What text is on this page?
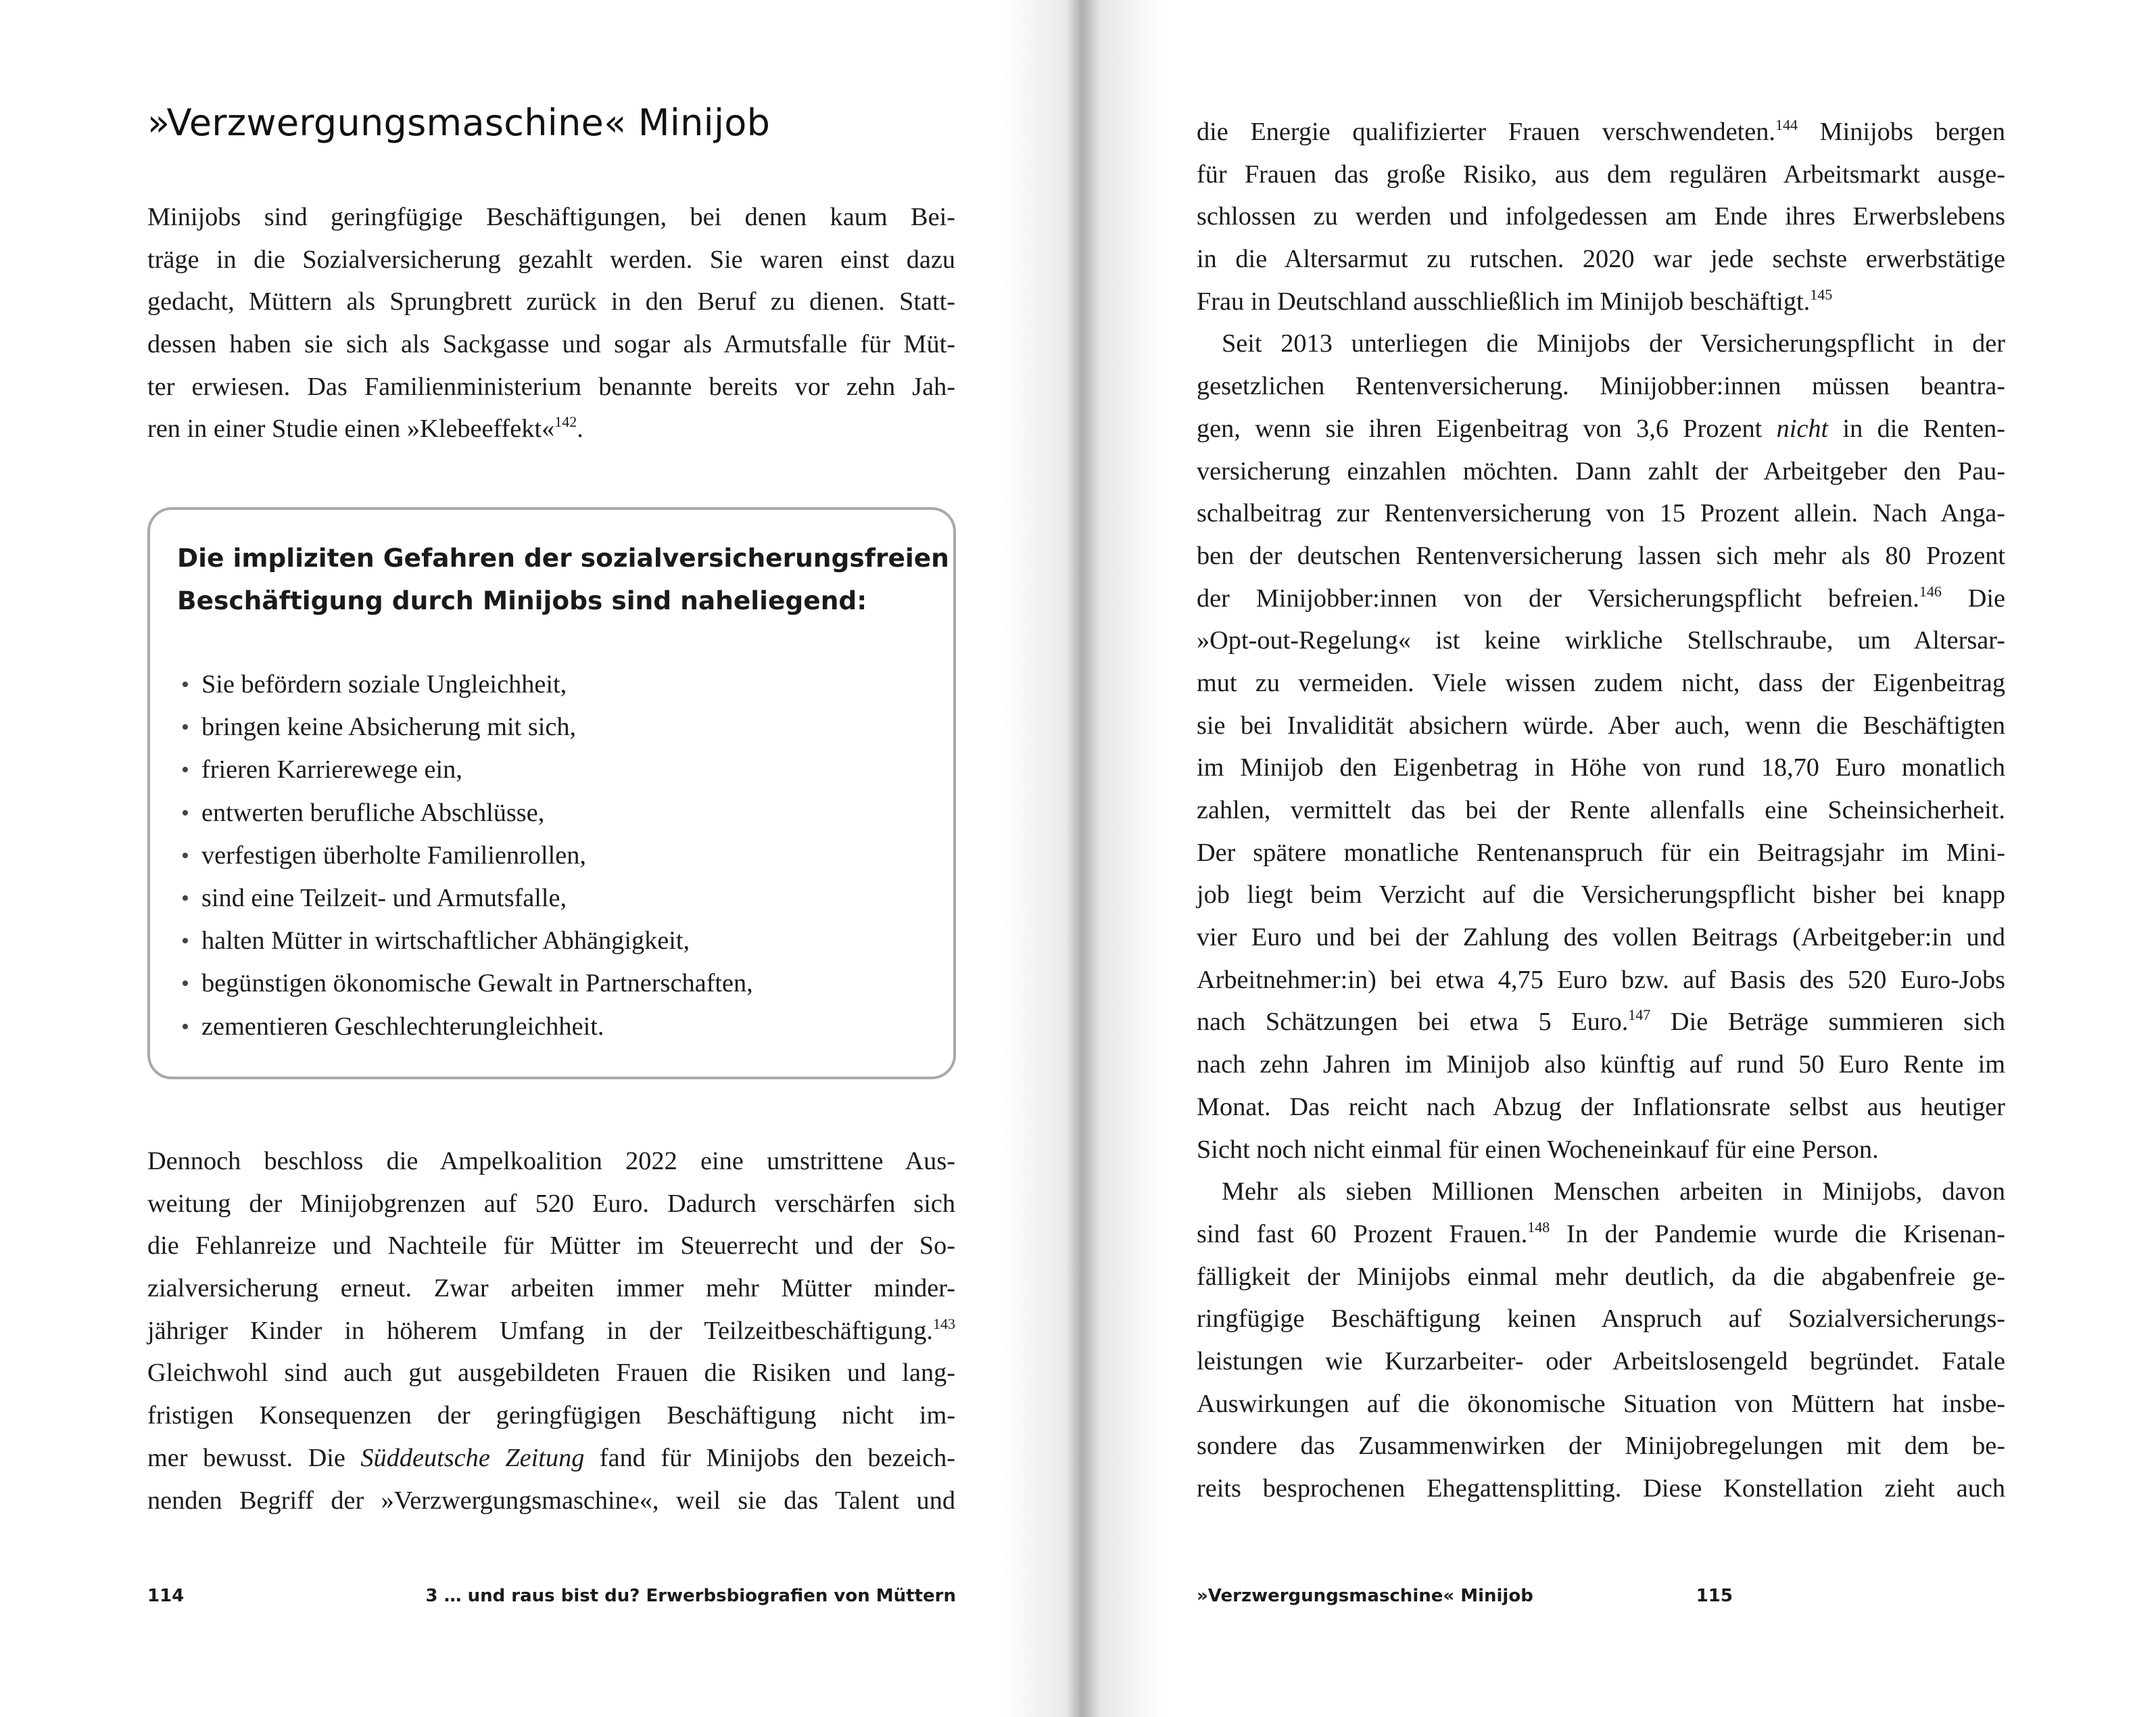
»Verzwergungsmaschine« Minijob
Minijobs sind geringfügige Beschäftigungen, bei denen kaum Bei-
träge in die Sozialversicherung gezahlt werden. Sie waren einst dazu
gedacht, Müttern als Sprungbrett zurück in den Beruf zu dienen. Statt-
dessen haben sie sich als Sackgasse und sogar als Armutsfalle für Müt-
ter erwiesen. Das Familienministerium benannte bereits vor zehn Jah-
ren in einer Studie einen »Klebeeffekt«$^{142}$.
Die impliziten Gefahren der sozialversicherungsfreien
Beschäftigung durch Minijobs sind naheliegend:
• Sie befördern soziale Ungleichheit,
• bringen keine Absicherung mit sich,
• frieren Karrierewege ein,
• entwerten berufliche Abschlüsse,
• verfestigen überholte Familienrollen,
• sind eine Teilzeit- und Armutsfalle,
• halten Mütter in wirtschaftlicher Abhängigkeit,
• begünstigen ökonomische Gewalt in Partnerschaften,
• zementieren Geschlechterungleichheit.
Dennoch beschloss die Ampelkoalition 2022 eine umstrittene Aus-
weitung der Minijobgrenzen auf 520 Euro. Dadurch verschärfen sich
die Fehlanreize und Nachteile für Mütter im Steuerrecht und der So-
zialversicherung erneut. Zwar arbeiten immer mehr Mütter minder-
jähriger Kinder in höherem Umfang in der Teilzeitbeschäftigung.$^{143}$
Gleichwohl sind auch gut ausgebildeten Frauen die Risiken und lang-
fristigen Konsequenzen der geringfügigen Beschäftigung nicht im-
mer bewusst. Die Süddeutsche Zeitung fand für Minijobs den bezeich-
nenden Begriff der »Verzwergungsmaschine«, weil sie das Talent und
114	3 … und raus bist du? Erwerbsbiografien von Müttern
die Energie qualifizierter Frauen verschwendeten.$^{144}$ Minijobs bergen
für Frauen das große Risiko, aus dem regulären Arbeitsmarkt ausge-
schlossen zu werden und infolgedessen am Ende ihres Erwerbslebens
in die Altersarmut zu rutschen. 2020 war jede sechste erwerbstätige
Frau in Deutschland ausschließlich im Minijob beschäftigt.$^{145}$
Seit 2013 unterliegen die Minijobs der Versicherungspflicht in der
gesetzlichen Rentenversicherung. Minijobber:innen müssen beantra-
gen, wenn sie ihren Eigenbeitrag von 3,6 Prozent nicht in die Renten-
versicherung einzahlen möchten. Dann zahlt der Arbeitgeber den Pau-
schalbeitrag zur Rentenversicherung von 15 Prozent allein. Nach Anga-
ben der deutschen Rentenversicherung lassen sich mehr als 80 Prozent
der Minijobber:innen von der Versicherungspflicht befreien.$^{146}$ Die
»Opt-out-Regelung« ist keine wirkliche Stellschraube, um Altersar-
mut zu vermeiden. Viele wissen zudem nicht, dass der Eigenbeitrag
sie bei Invalidität absichern würde. Aber auch, wenn die Beschäftigten
im Minijob den Eigenbetrag in Höhe von rund 18,70 Euro monatlich
zahlen, vermittelt das bei der Rente allenfalls eine Scheinsicherheit.
Der spätere monatliche Rentenanspruch für ein Beitragsjahr im Mini-
job liegt beim Verzicht auf die Versicherungspflicht bisher bei knapp
vier Euro und bei der Zahlung des vollen Beitrags (Arbeitgeber:in und
Arbeitnehmer:in) bei etwa 4,75 Euro bzw. auf Basis des 520 Euro-Jobs
nach Schätzungen bei etwa 5 Euro.$^{147}$ Die Beträge summieren sich
nach zehn Jahren im Minijob also künftig auf rund 50 Euro Rente im
Monat. Das reicht nach Abzug der Inflationsrate selbst aus heutiger
Sicht noch nicht einmal für einen Wocheneinkauf für eine Person.
Mehr als sieben Millionen Menschen arbeiten in Minijobs, davon
sind fast 60 Prozent Frauen.$^{148}$ In der Pandemie wurde die Krisenan-
fälligkeit der Minijobs einmal mehr deutlich, da die abgabenfreie ge-
ringfügige Beschäftigung keinen Anspruch auf Sozialversicherungs-
leistungen wie Kurzarbeiter- oder Arbeitslosengeld begründet. Fatale
Auswirkungen auf die ökonomische Situation von Müttern hat insbe-
sondere das Zusammenwirken der Minijobregelungen mit dem be-
reits besprochenen Ehegattensplitting. Diese Konstellation zieht auch
»Verzwergungsmaschine« Minijob	115
